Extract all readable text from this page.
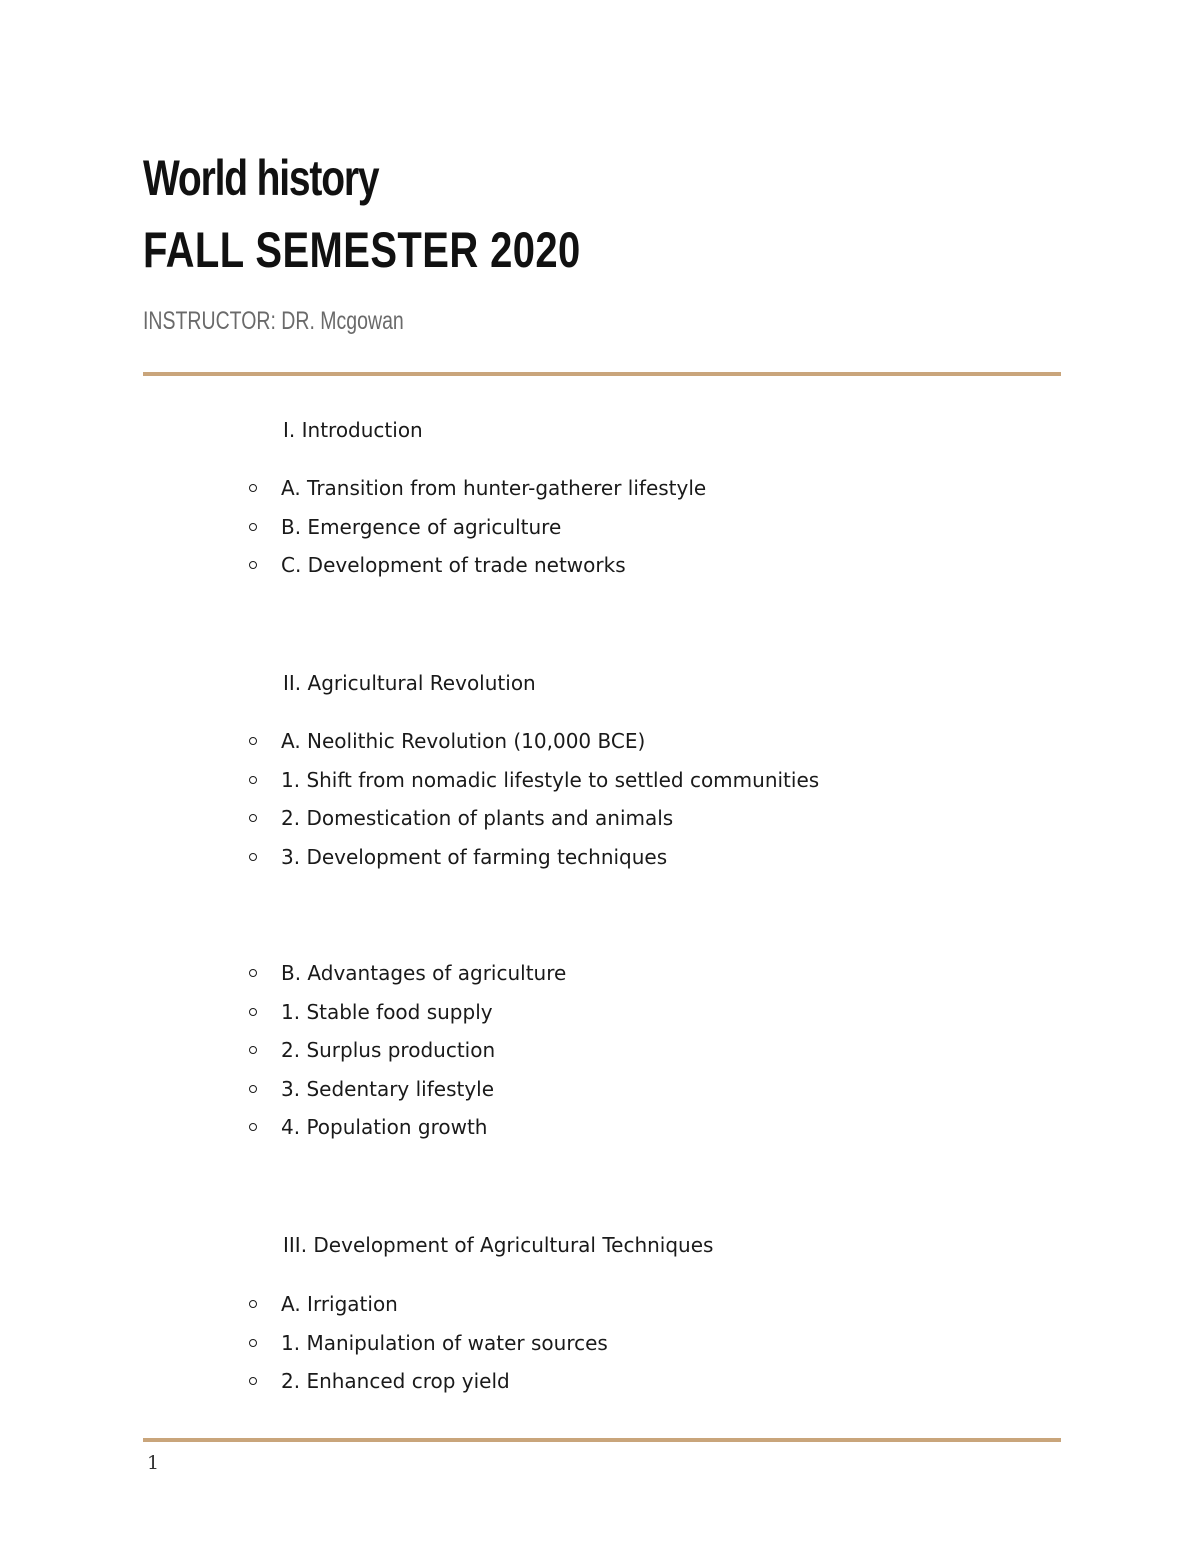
World history
FALL SEMESTER 2020

INSTRUCTOR: DR. Mcgowan

I. Introduction

A. Transition from hunter-gatherer lifestyle
B. Emergence of agriculture
C. Development of trade networks

II. Agricultural Revolution

A. Neolithic Revolution (10,000 BCE)
1. Shift from nomadic lifestyle to settled communities
2. Domestication of plants and animals
3. Development of farming techniques
B. Advantages of agriculture
1. Stable food supply
2. Surplus production
3. Sedentary lifestyle
4. Population growth

III. Development of Agricultural Techniques

A. Irrigation
1. Manipulation of water sources
2. Enhanced crop yield
1
